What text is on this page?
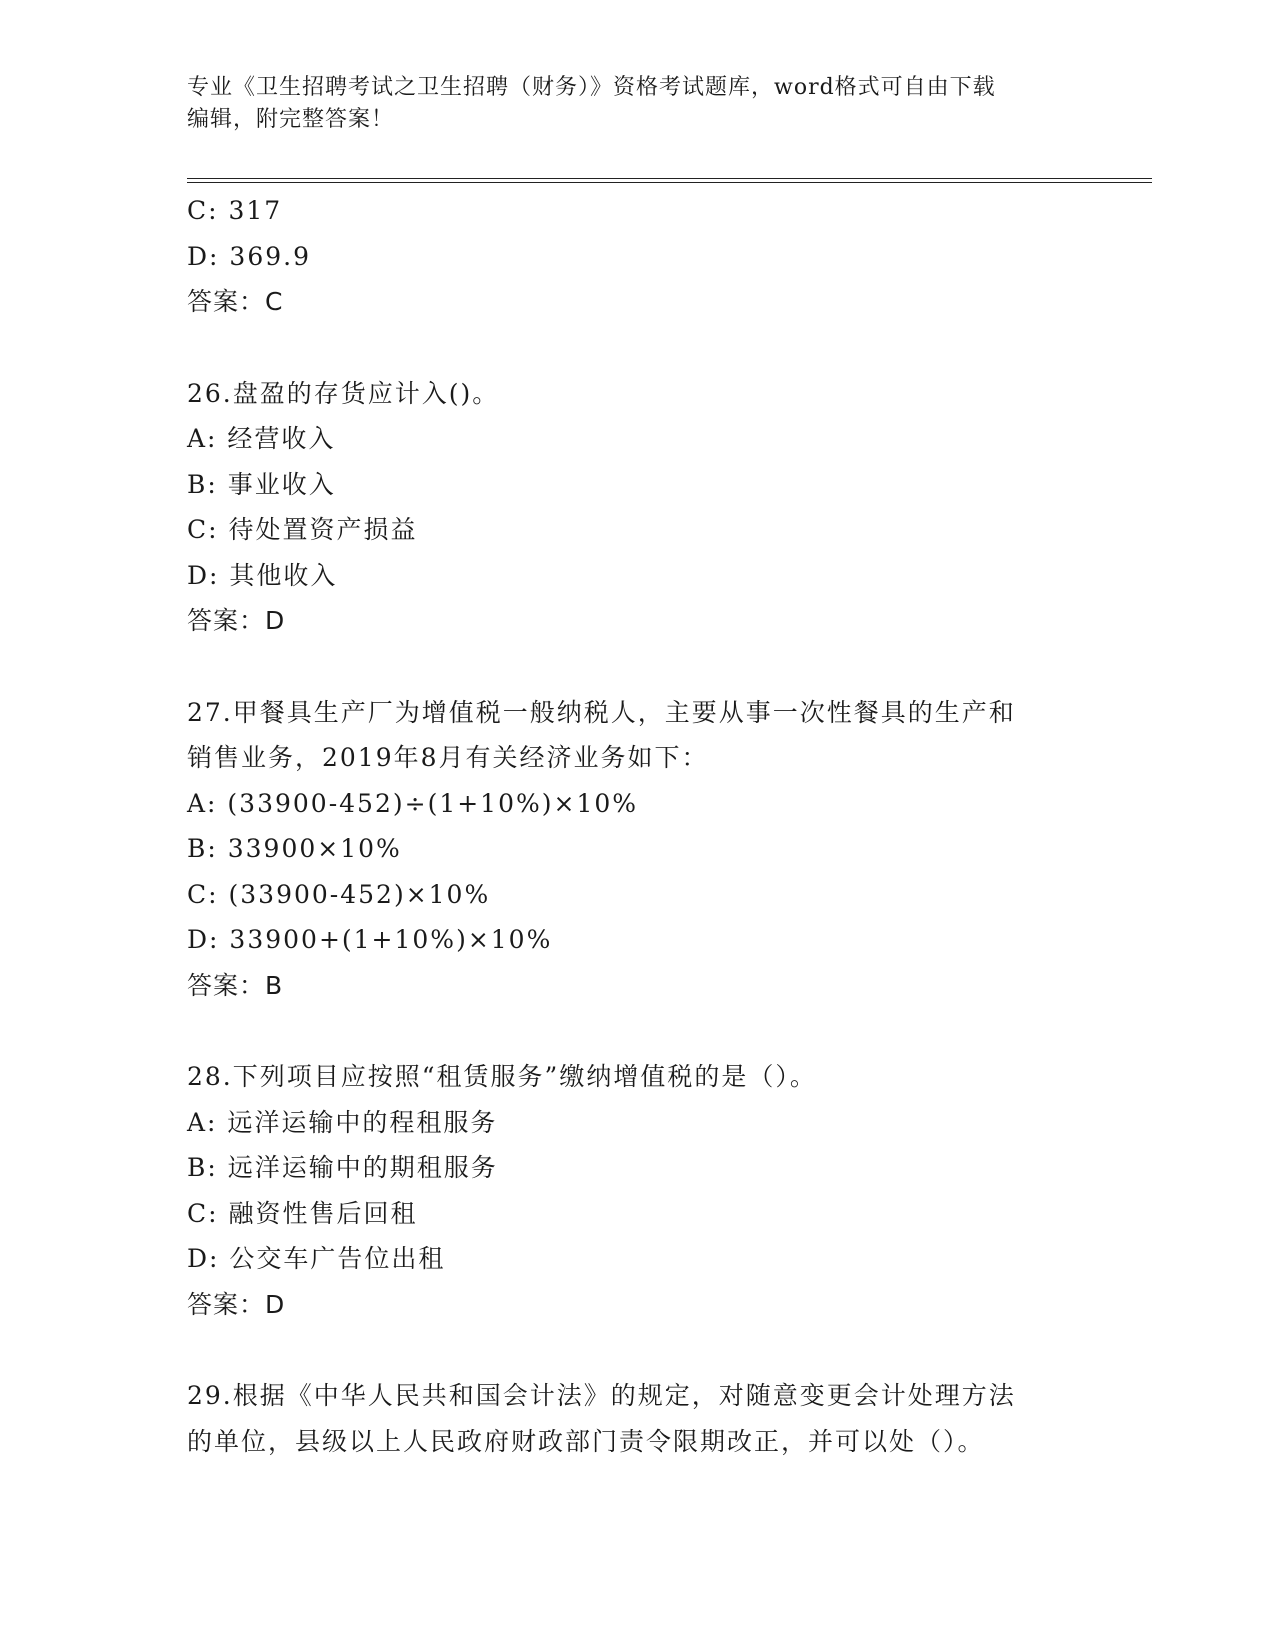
专业《卫生招聘考试之卫生招聘（财务）》资格考试题库，word格式可自由下载
编辑，附完整答案！
C: 317
D: 369.9
答案：C
26.盘盈的存货应计入()。
A: 经营收入
B: 事业收入
C: 待处置资产损益
D: 其他收入
答案：D
27.甲餐具生产厂为增值税一般纳税人，主要从事一次性餐具的生产和
销售业务，2019年8月有关经济业务如下：
A: (33900-452)÷(1+10%)×10%
B: 33900×10%
C: (33900-452)×10%
D: 33900+(1+10%)×10%
答案：B
28.下列项目应按照“租赁服务”缴纳增值税的是（）。
A: 远洋运输中的程租服务
B: 远洋运输中的期租服务
C: 融资性售后回租
D: 公交车广告位出租
答案：D
29.根据《中华人民共和国会计法》的规定，对随意变更会计处理方法
的单位，县级以上人民政府财政部门责令限期改正，并可以处（）。
